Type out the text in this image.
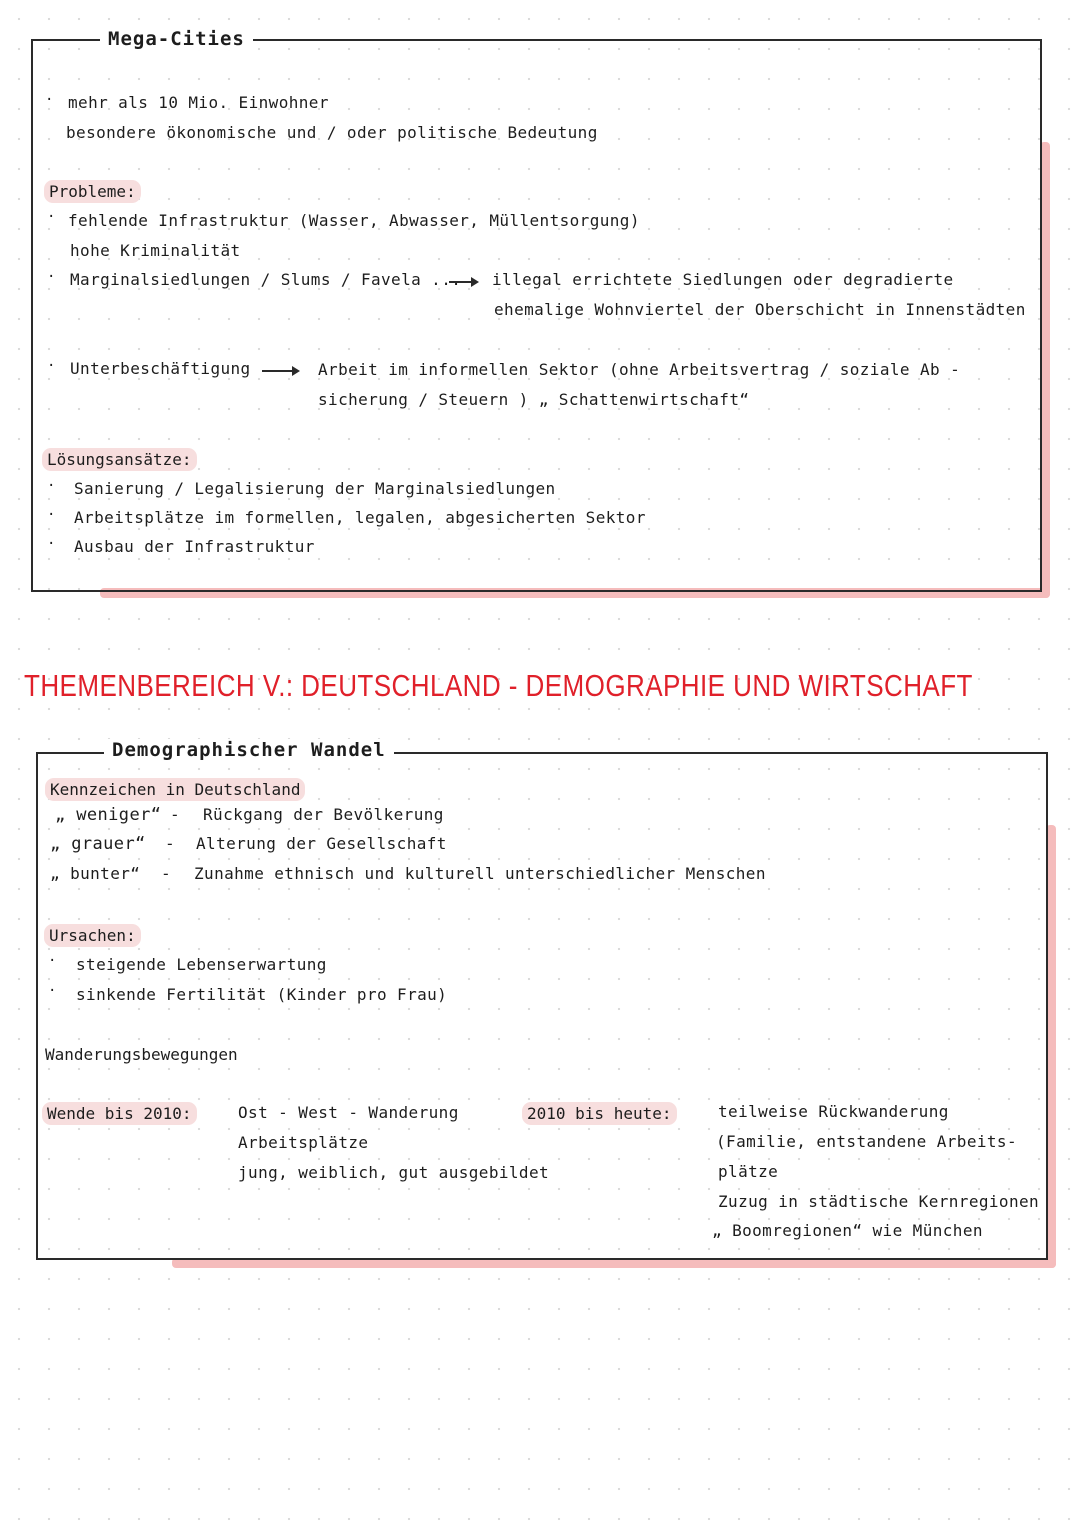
Mega-Cities
· mehr als 10 Mio. Einwohner
besondere ökonomische und / oder politische Bedeutung
Probleme:
· fehlende Infrastruktur (Wasser, Abwasser, Müllentsorgung)
hohe Kriminalität
· Marginalsiedlungen / Slums / Favela ... illegal errichtete Siedlungen oder degradierte
ehemalige Wohnviertel der Oberschicht in Innenstädten
· Unterbeschäftigung	Arbeit im informellen Sektor (ohne Arbeitsvertrag / soziale Ab -
sicherung / Steuern ) „ Schattenwirtschaft“
Lösungsansätze:
· Sanierung / Legalisierung der Marginalsiedlungen
· Arbeitsplätze im formellen, legalen, abgesicherten Sektor
· Ausbau der Infrastruktur
THEMENBEREICH V.: DEUTSCHLAND - DEMOGRAPHIE UND WIRTSCHAFT
Demographischer Wandel
Kennzeichen in Deutschland
„ weniger“ - Rückgang der Bevölkerung
„ grauer“ - Alterung der Gesellschaft
„ bunter“ - Zunahme ethnisch und kulturell unterschiedlicher Menschen
Ursachen:
· steigende Lebenserwartung
· sinkende Fertilität (Kinder pro Frau)
Wanderungsbewegungen
Wende bis 2010:	Ost - West - Wanderung
Arbeitsplätze
jung, weiblich, gut ausgebildet
2010 bis heute:	teilweise Rückwanderung
(Familie, entstandene Arbeits-
plätze
Zuzug in städtische Kernregionen
„ Boomregionen“ wie München
